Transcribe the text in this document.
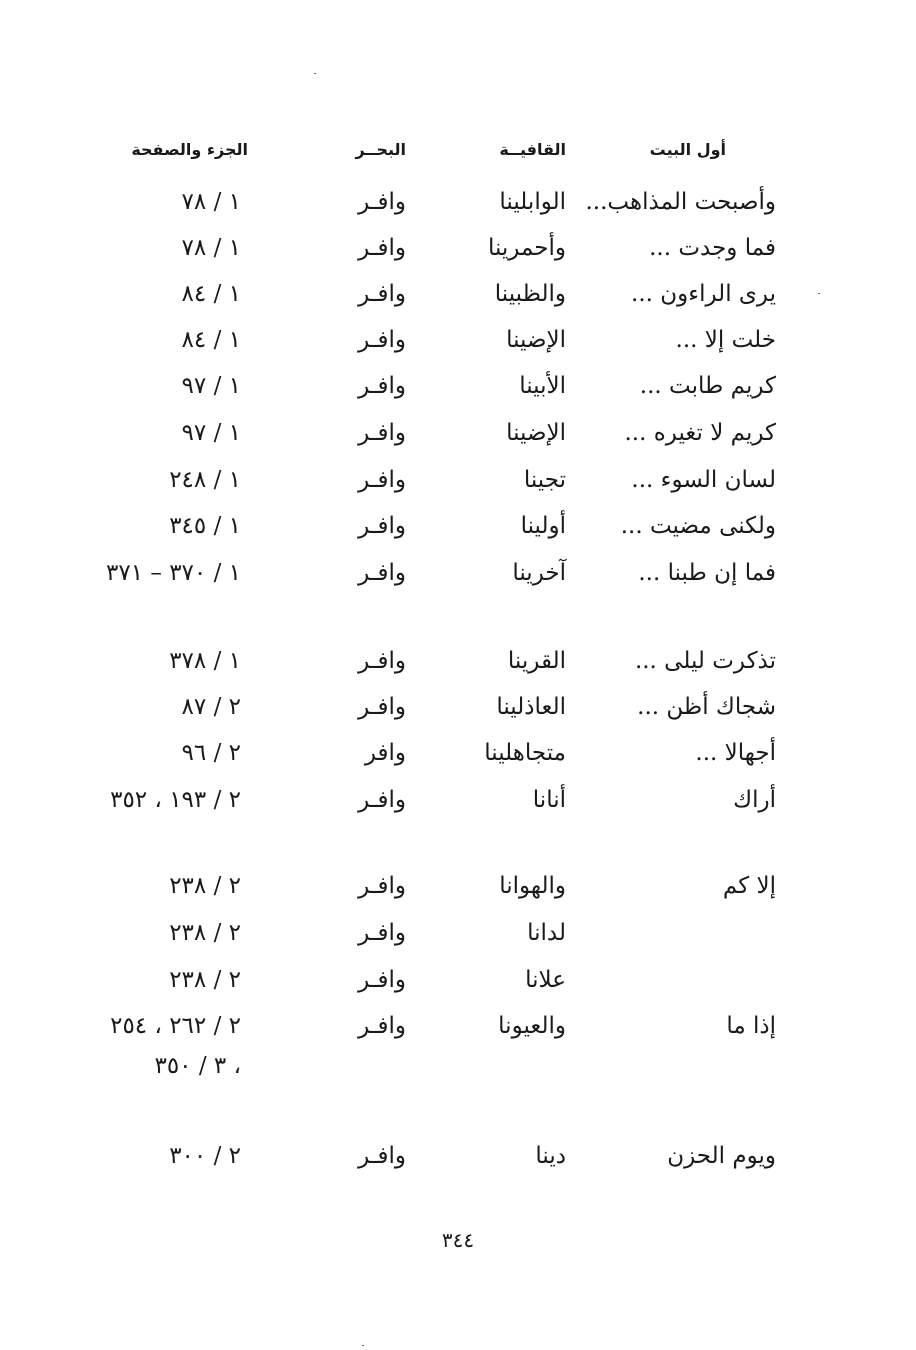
أول البيت
القافيــة
البحــر
الجزء والصفحة
وأصبحت المذاهب...
الوابلينا
وافـر
١ / ٧٨
فما وجدت ...
وأحمرينا
وافـر
١ / ٧٨
يرى الراءون ...
والظبينا
وافـر
١ / ٨٤
خلت إلا ...
الإضينا
وافـر
١ / ٨٤
كريم طابت ...
الأبينا
وافـر
١ / ٩٧
كريم لا تغيره ...
الإضينا
وافـر
١ / ٩٧
لسان السوء ...
تجينا
وافـر
١ / ٢٤٨
ولكنى مضيت ...
أولينا
وافـر
١ / ٣٤٥
فما إن طبنا ...
آخرينا
وافـر
١ / ٣٧٠ – ٣٧١
تذكرت ليلى ...
القرينا
وافـر
١ / ٣٧٨
شجاك أظن ...
العاذلينا
وافـر
٢ / ٨٧
أجهالا ...
متجاهلينا
وافر
٢ / ٩٦
أراك
أنانا
وافـر
٢ / ١٩٣ ، ٣٥٢
إلا كم
والهوانا
وافـر
٢ / ٢٣٨
لدانا
وافـر
٢ / ٢٣٨
علانا
وافـر
٢ / ٢٣٨
إذا ما
والعيونا
وافـر
٢ / ٢٦٢ ، ٢٥٤ ، ٣ / ٣٥٠
ويوم الحزن
دينا
وافـر
٢ / ٣٠٠
٣٤٤
